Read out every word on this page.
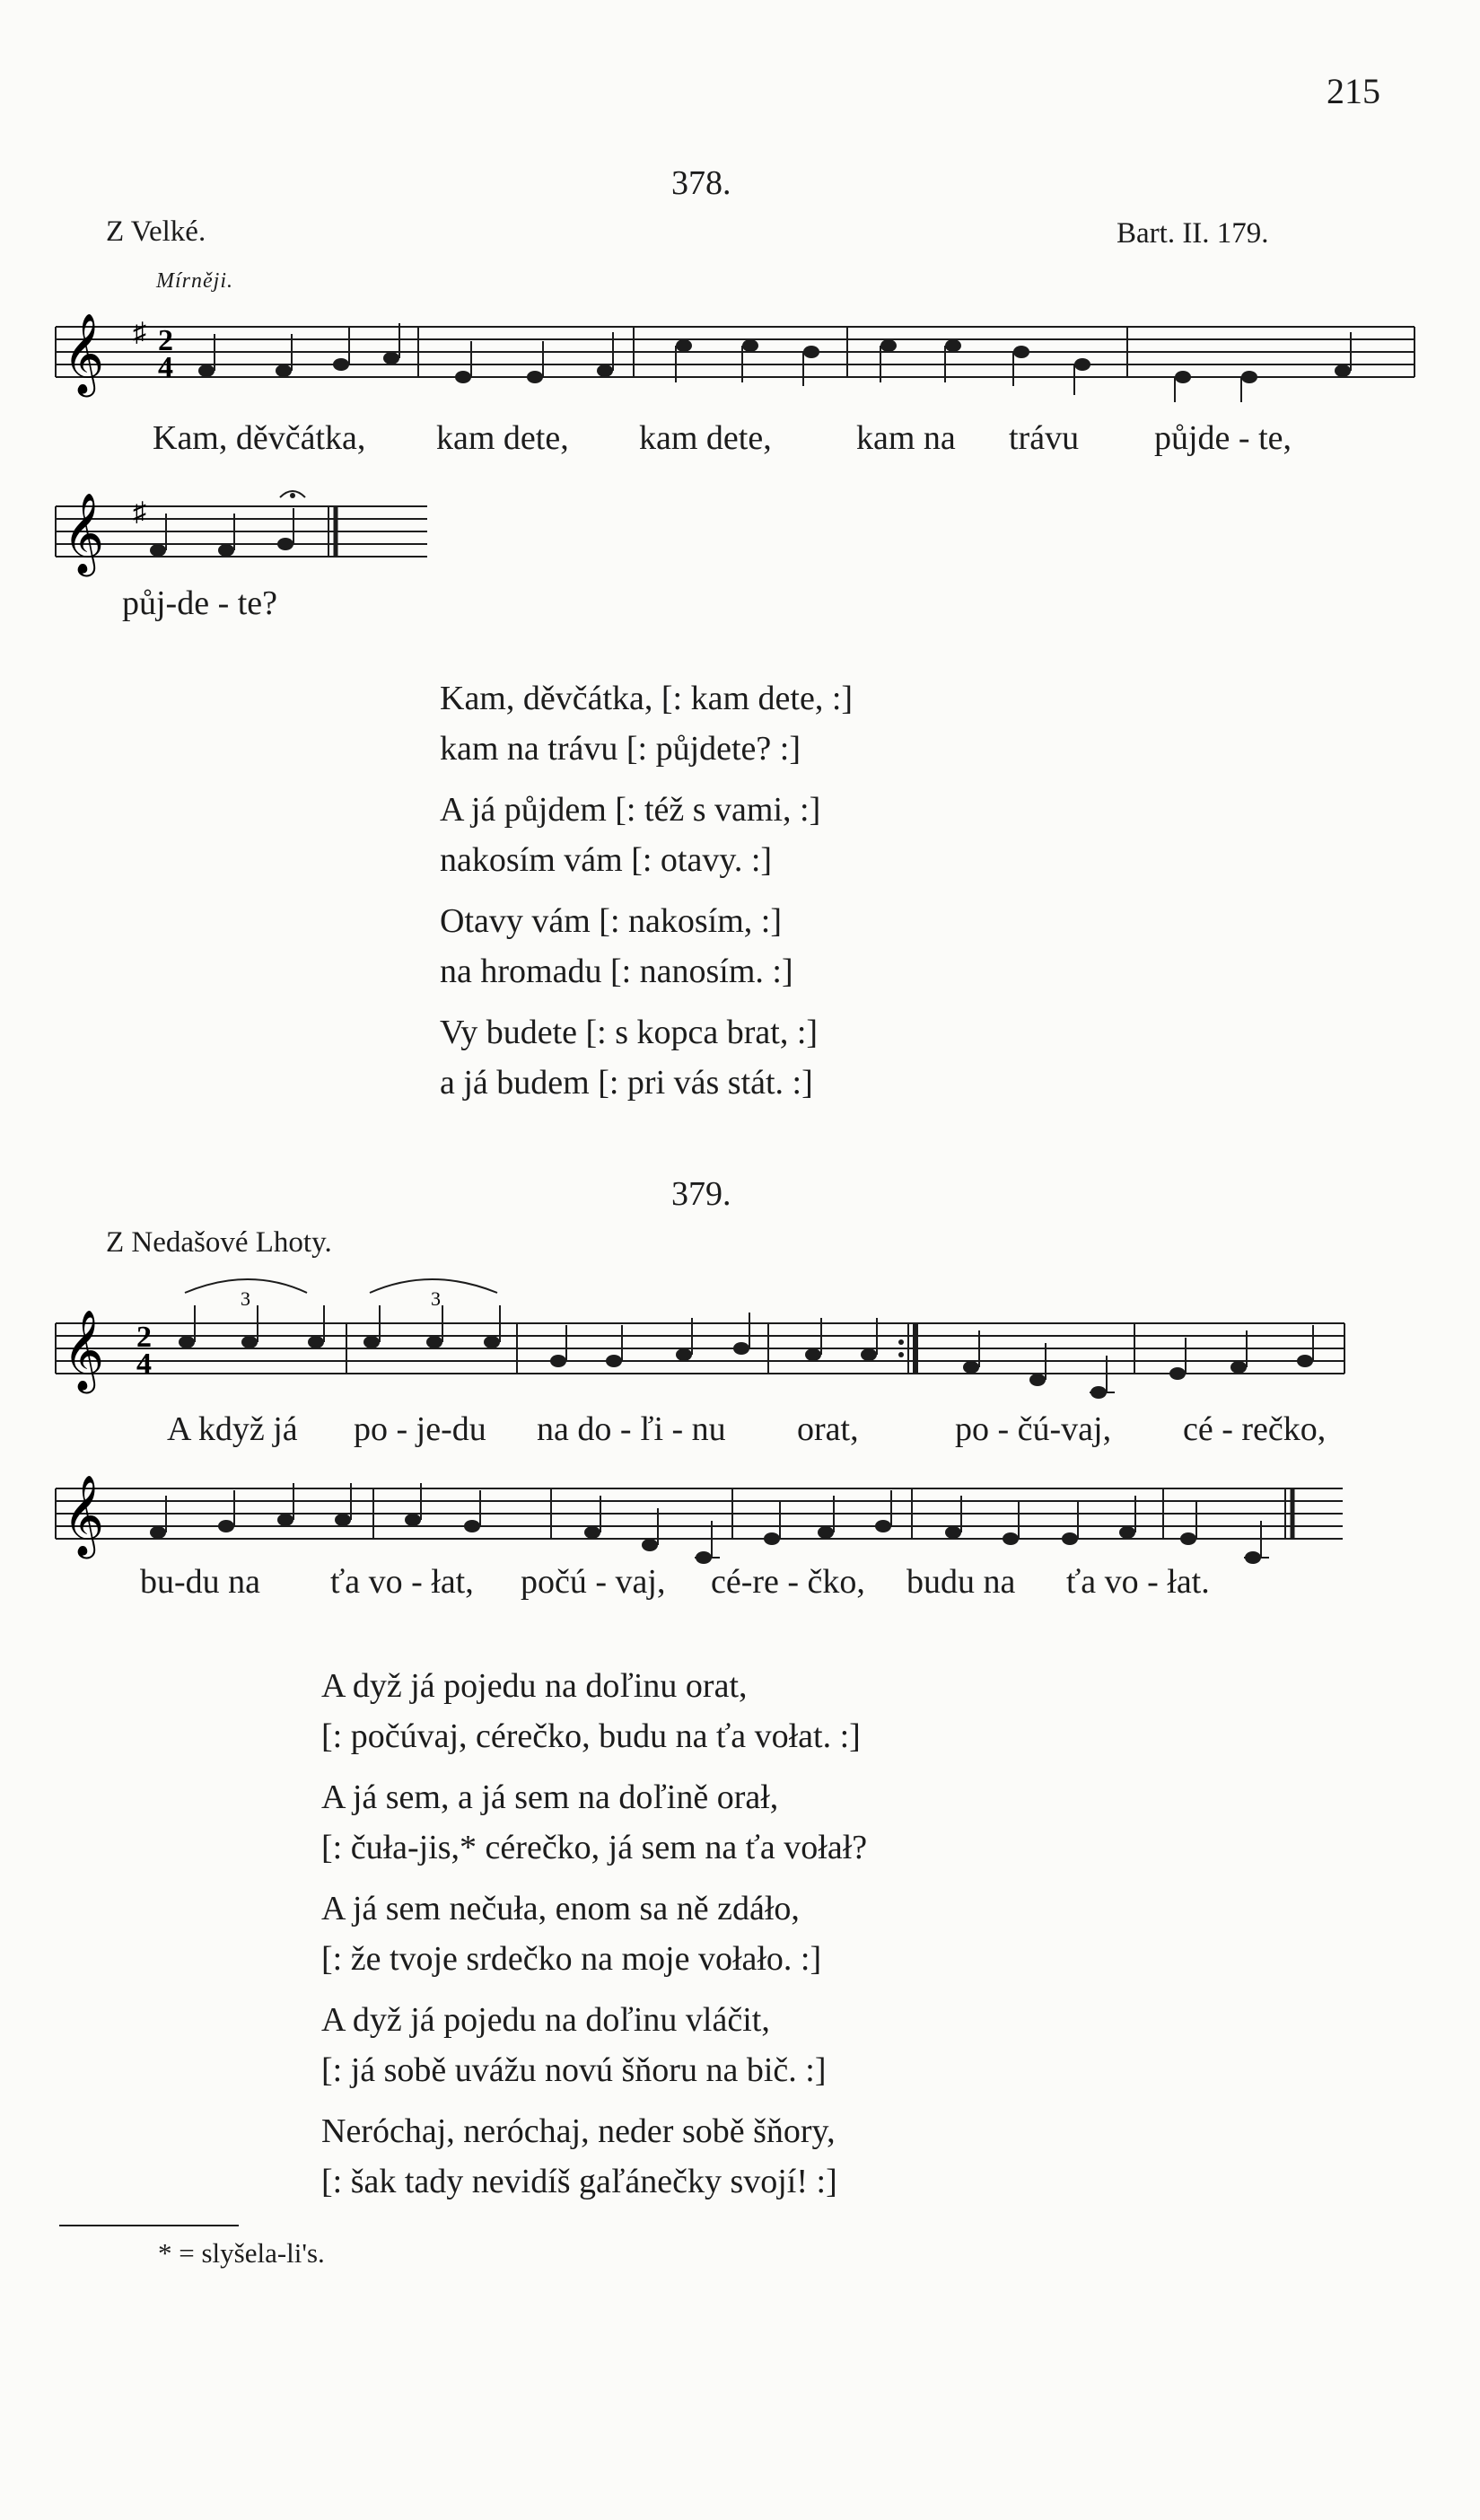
215
378.
Z Velké.	Bart. II. 179.
Mírněji.
𝄞 ♯ 2
4
Kam, děvčátka, kam dete, kam dete, kam na trávu půjde - te,
𝄞 ♯
půj-de - te?
Kam, děvčátka, [: kam dete, :]
kam na trávu [: půjdete? :]
A já půjdem [: též s vami, :]
nakosím vám [: otavy. :]
Otavy vám [: nakosím, :]
na hromadu [: nanosím. :]
Vy budete [: s kopca brat, :]
a já budem [: pri vás stát. :]
379.
Z Nedašové Lhoty.
𝄞 2
4
3	3
A když já po - je-du na do - ľi - nu orat,	po - čú-vaj, cé - rečko,
𝄞
bu-du na ťa vo - łat, počú - vaj, cé-re - čko, budu na ťa vo - łat.
A dyž já pojedu na doľinu orat,
[: počúvaj, cérečko, budu na ťa vołat. :]
A já sem, a já sem na doľině orał,
[: čuła-jis,* cérečko, já sem na ťa vołał?
A já sem nečuła, enom sa ně zdáło,
[: že tvoje srdečko na moje vołało. :]
A dyž já pojedu na doľinu vláčit,
[: já sobě uvážu novú šňoru na bič. :]
Neróchaj, neróchaj, neder sobě šňory,
[: šak tady nevidíš gaľánečky svojí! :]
* = slyšela-li's.
